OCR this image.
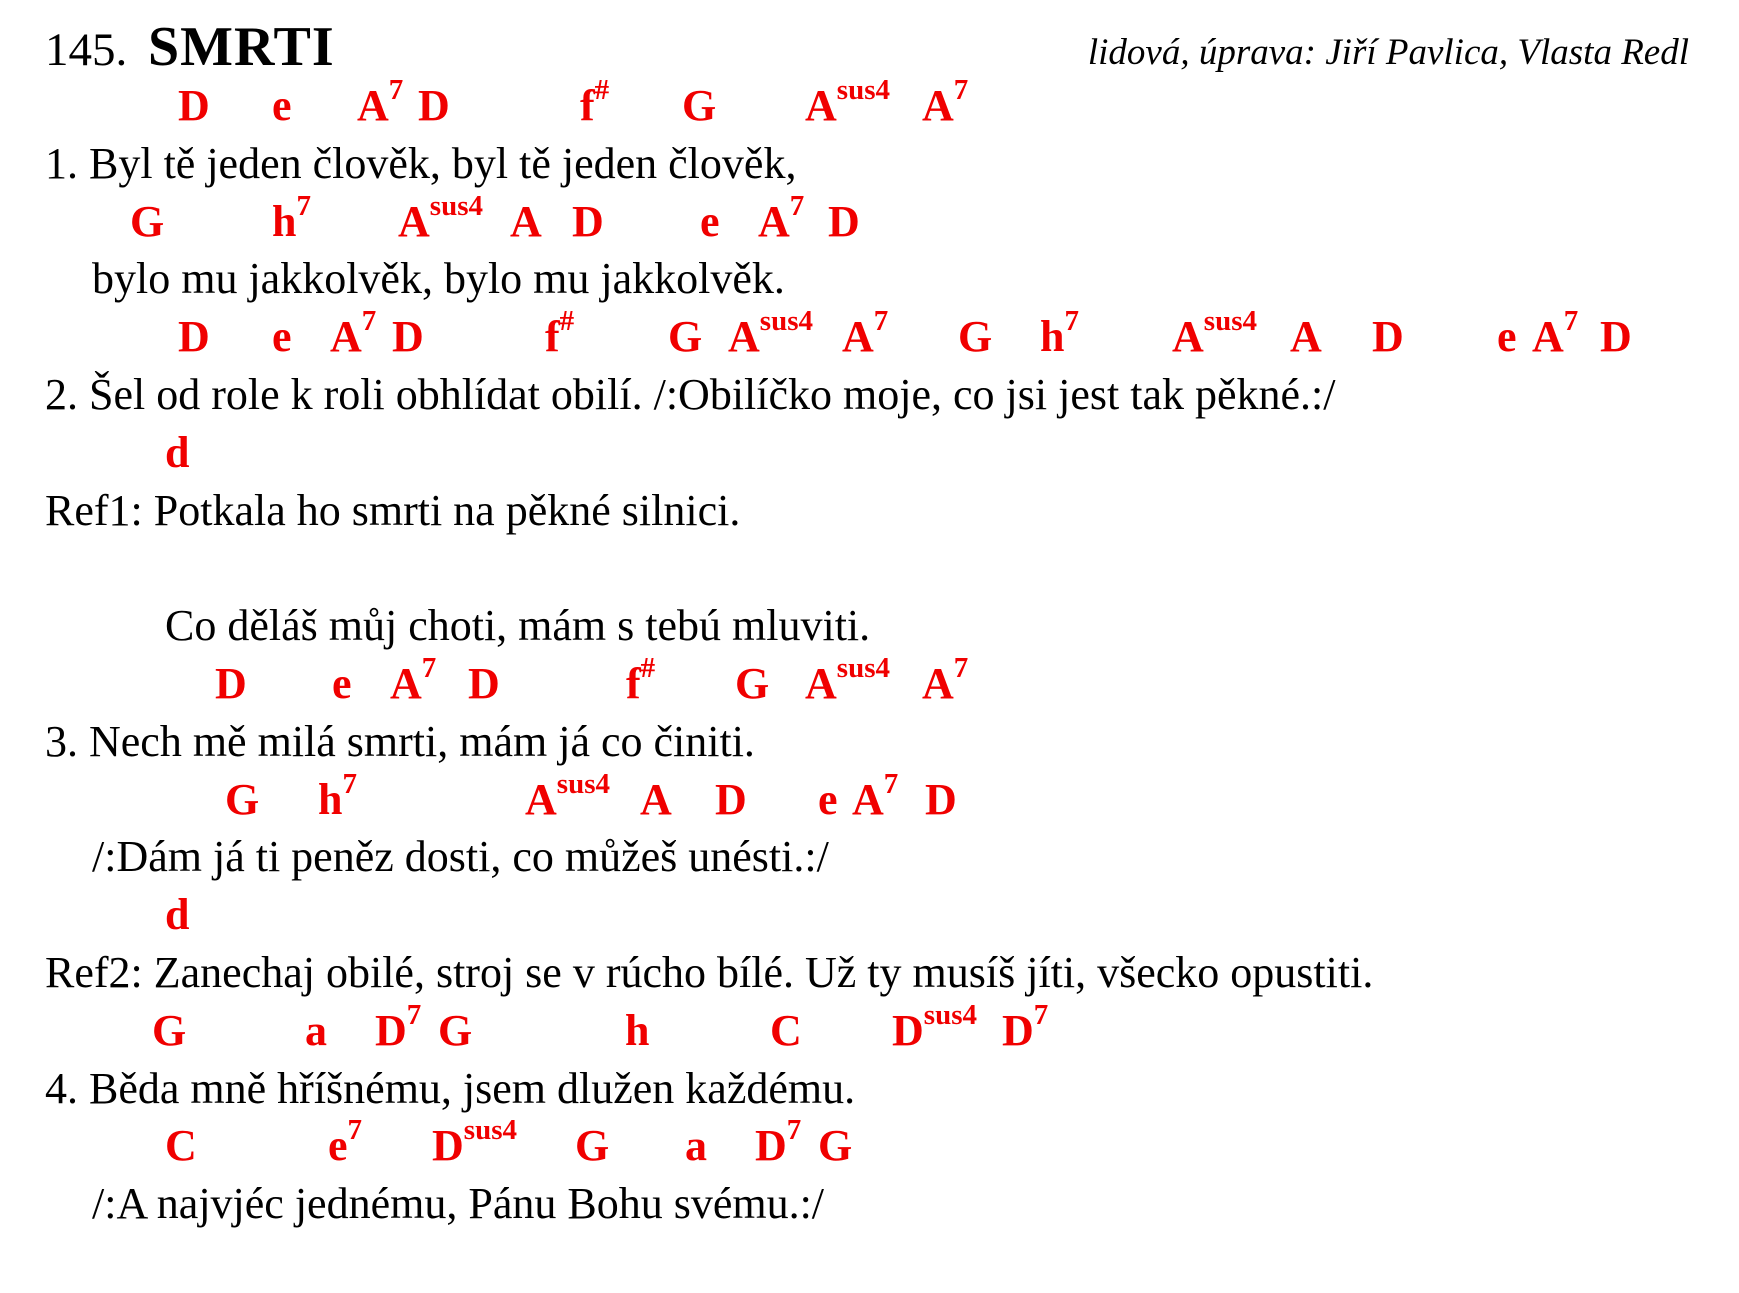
145. SMRTI	lidová, úprava: Jiří Pavlica, Vlasta Redl
D e $A^7$ D	f# G $A^{sus4}$ $A^7$
1. Byl tě jeden člověk, byl tě jeden člověk,
G $h^7$ $A^{sus4}$ A D e $A^7$ D
bylo mu jakkolvěk, bylo mu jakkolvěk.
D e $A^7$ D	f# G $A^{sus4}$ $A^7$ G $h^7$ $A^{sus4}$ A D e $A^7$ D
2. Šel od role k roli obhlídat obilí. /:Obilíčko moje, co jsi jest tak pěkné.:/
d
Ref1: Potkala ho smrti na pěkné silnici.
Co děláš můj choti, mám s tebú mluviti.
D e $A^7$ D	f# G $A^{sus4}$ $A^7$
3. Nech mě milá smrti, mám já co činiti.
G $h^7$	$A^{sus4}$ A D e $A^7$ D
/:Dám já ti peněz dosti, co můžeš unésti.:/
d
Ref2: Zanechaj obilé, stroj se v rúcho bílé. Už ty musíš jíti, všecko opustiti.
G	a $D^7$ G	h	C $D^{sus4}$ $D^7$
4. Běda mně hříšnému, jsem dlužen každému.
C	$e^7$ $D^{sus4}$ G a $D^7$ G
/:A najvjéc jednému, Pánu Bohu svému.:/
